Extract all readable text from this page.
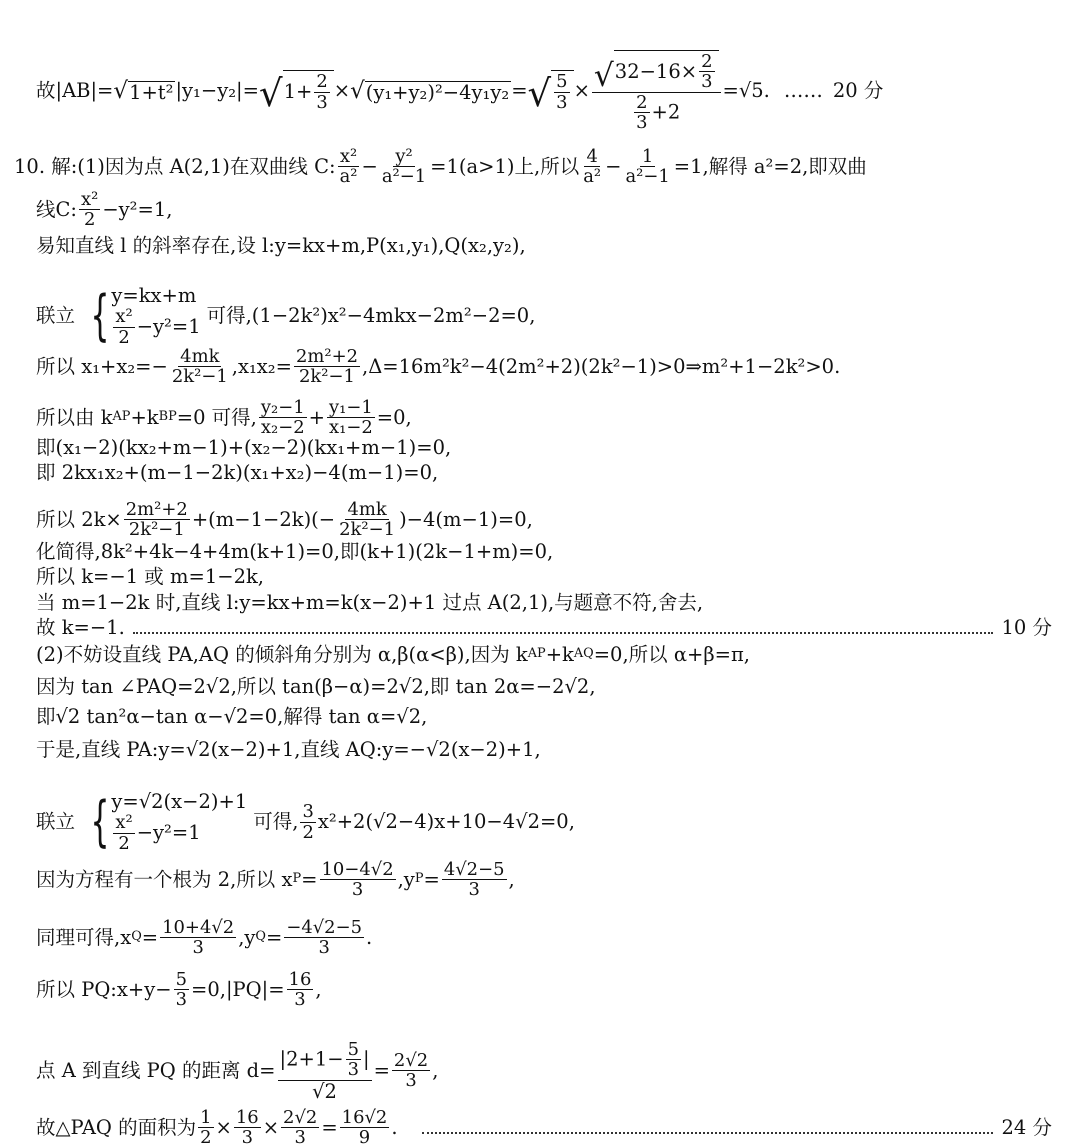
故|AB|= √ 1+t² |y₁−y₂|= √ $1+ \frac{2}{3}$ × √ (y₁+y₂)²−4y₁y₂ = √ $\frac{5}{3} \times \frac{√ 32-16\times \frac{2}{3}}{\frac{2}{3} +2} =√5$. …… 20 分
10. 解:(1)因为点 A(2,1)在双曲线 C: $\frac{\text{x²}}{\text{a²}} - \frac{\text{y²}}{\text{a²−1}} =1(a>1)$上,所以 $\frac{4}{\text{a²}} - \frac{1}{\text{a²−1}} =1$,解得 a²=2,即双曲
线C: $\frac{\text{x²}}{2} -y^2=1$,
易知直线 l 的斜率存在,设 l:y=kx+m,P(x₁,y₁),Q(x₂,y₂),
联立 { y=kx+m
$\frac{\text{x²}}{2} -y^2=1$ 可得,(1−2k²)x²−4mkx−2m²−2=0,
所以 $x_1+x_2=- \frac{4mk}{\text{2k²−1}} ,x_1x_2= \frac{\text{2m²+2}}{\text{2k²−1}}$ ,Δ=16m²k²−4(2m²+2)(2k²−1)>0⇒m²+1−2k²>0.
所以由 k AP +k BP =0 可得, $\frac{\text{y₂−1}}{\text{x₂−2}} + \frac{\text{y₁−1}}{\text{x₁−2}} =0$,
即(x₁−2)(kx₂+m−1)+(x₂−2)(kx₁+m−1)=0,
即 2kx₁x₂+(m−1−2k)(x₁+x₂)−4(m−1)=0,
所以 $2k\times \frac{\text{2m²+2}}{\text{2k²−1}} +(m-1-2k)(- \frac{4mk}{\text{2k²−1}} )-4(m-1)=0$,
化简得,8k²+4k−4+4m(k+1)=0,即(k+1)(2k−1+m)=0,
所以 k=−1 或 m=1−2k,
当 m=1−2k 时,直线 l:y=kx+m=k(x−2)+1 过点 A(2,1),与题意不符,舍去,
故 k=−1.	10 分
(2)不妨设直线 PA,AQ 的倾斜角分别为 α,β(α<β),因为 k AP +k AQ =0,所以 α+β=π,
因为 tan ∠PAQ=2√2,所以 tan(β−α)=2√2,即 tan 2α=−2√2,
即√2 tan²α−tan α−√2=0,解得 tan α=√2,
于是,直线 PA:y=√2(x−2)+1,直线 AQ:y=−√2(x−2)+1,
联立 { y=√2(x−2)+1
$\frac{\text{x²}}{2} -y^2=1$	可得, $\frac{3}{2} x^2+2(√2-4)x+10-4√2=0$,
因为方程有一个根为 2,所以 x $P = \frac{10-4√2}{3} ,y$ $P = \frac{4√2-5}{3}$ ,
同理可得,x $Q = \frac{10+4√2}{3} ,y$ $Q = \frac{-4√2-5}{3}$ .
所以 PQ:x+y− $\frac{5}{3} =0,|PQ|= \frac{16}{3}$ ,
点 A 到直线 PQ 的距离 $d= \frac{|2+1- \frac{5}{3} |}{√2} = \frac{2√2}{3}$ ,
故△PAQ 的面积为 $\frac{1}{2} \times \frac{16}{3} \times \frac{2√2}{3} = \frac{16√2}{9}$ .	24 分
